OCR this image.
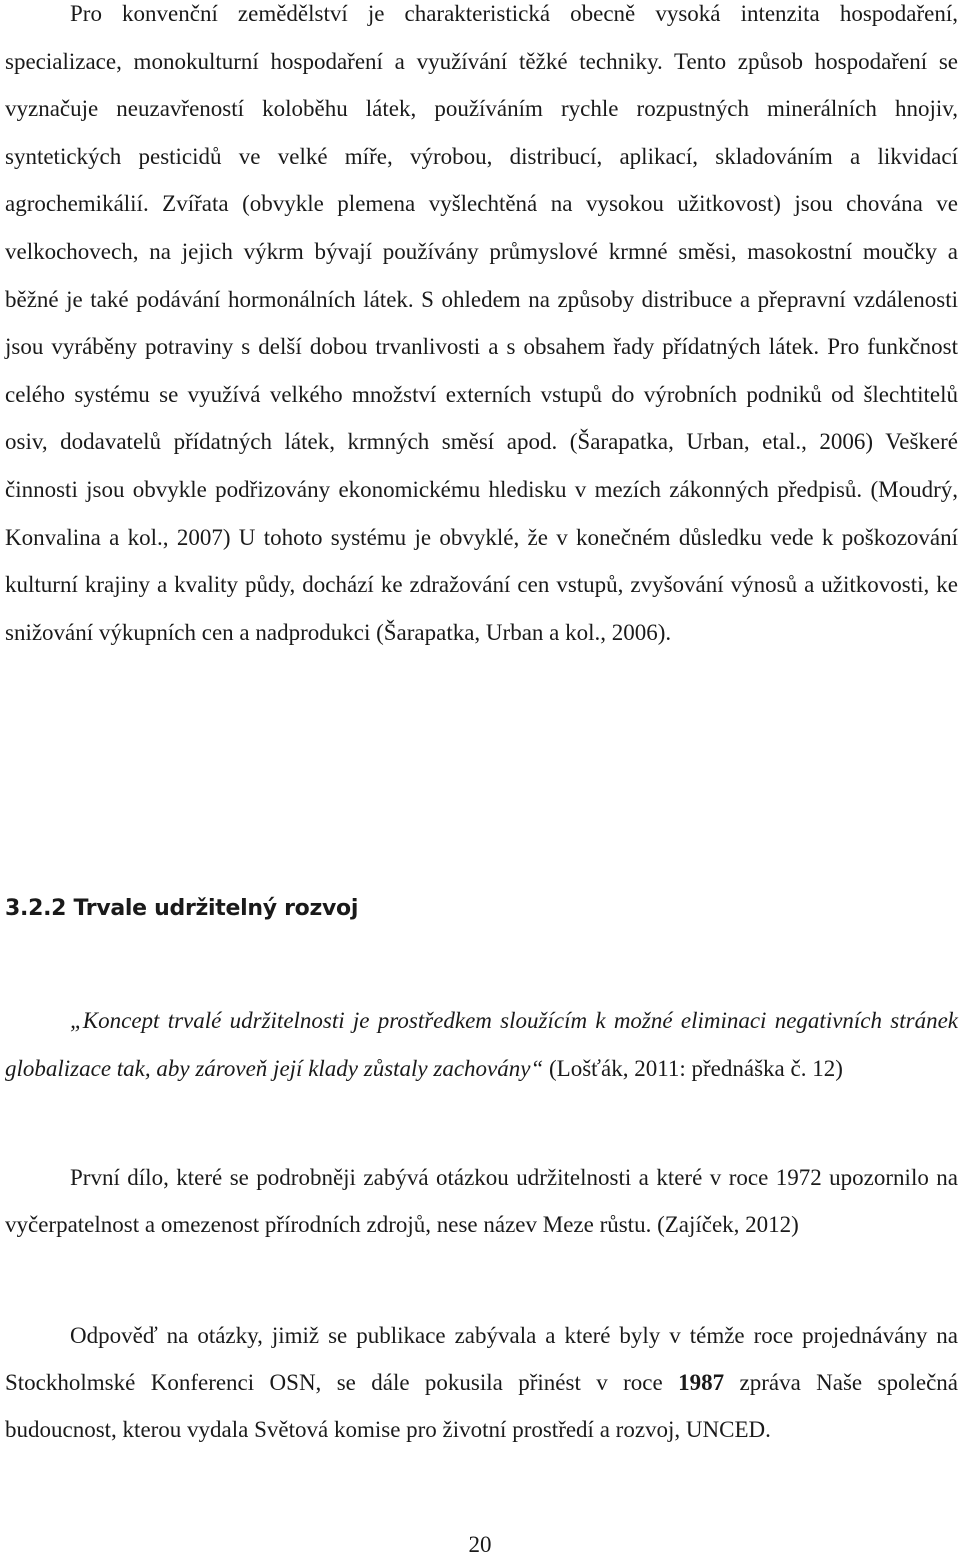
Pro konvenční zemědělství je charakteristická obecně vysoká intenzita hospodaření, specializace, monokulturní hospodaření a využívání těžké techniky. Tento způsob hospodaření se vyznačuje neuzavřeností koloběhu látek, používáním rychle rozpustných minerálních hnojiv, syntetických pesticidů ve velké míře, výrobou, distribucí, aplikací, skladováním a likvidací agrochemikálií. Zvířata (obvykle plemena vyšlechtěná na vysokou užitkovost) jsou chována ve velkochovech, na jejich výkrm bývají používány průmyslové krmné směsi, masokostní moučky a běžné je také podávání hormonálních látek. S ohledem na způsoby distribuce a přepravní vzdálenosti jsou vyráběny potraviny s delší dobou trvanlivosti a s obsahem řady přídatných látek. Pro funkčnost celého systému se využívá velkého množství externích vstupů do výrobních podniků od šlechtitelů osiv, dodavatelů přídatných látek, krmných směsí apod. (Šarapatka, Urban, etal., 2006) Veškeré činnosti jsou obvykle podřizovány ekonomickému hledisku v mezích zákonných předpisů. (Moudrý, Konvalina a kol., 2007) U tohoto systému je obvyklé, že v konečném důsledku vede k poškozování kulturní krajiny a kvality půdy, dochází ke zdražování cen vstupů, zvyšování výnosů a užitkovosti, ke snižování výkupních cen a nadprodukci (Šarapatka, Urban a kol., 2006).

3.2.2 Trvale udržitelný rozvoj

„Koncept trvalé udržitelnosti je prostředkem sloužícím k možné eliminaci negativních stránek globalizace tak, aby zároveň její klady zůstaly zachovány“ (Lošťák, 2011: přednáška č. 12)

První dílo, které se podrobněji zabývá otázkou udržitelnosti a které v roce 1972 upozornilo na vyčerpatelnost a omezenost přírodních zdrojů, nese název Meze růstu. (Zajíček, 2012)

Odpověď na otázky, jimiž se publikace zabývala a které byly v témže roce projednávány na Stockholmské Konferenci OSN, se dále pokusila přinést v roce 1987 zpráva Naše společná budoucnost, kterou vydala Světová komise pro životní prostředí a rozvoj, UNCED.

20
